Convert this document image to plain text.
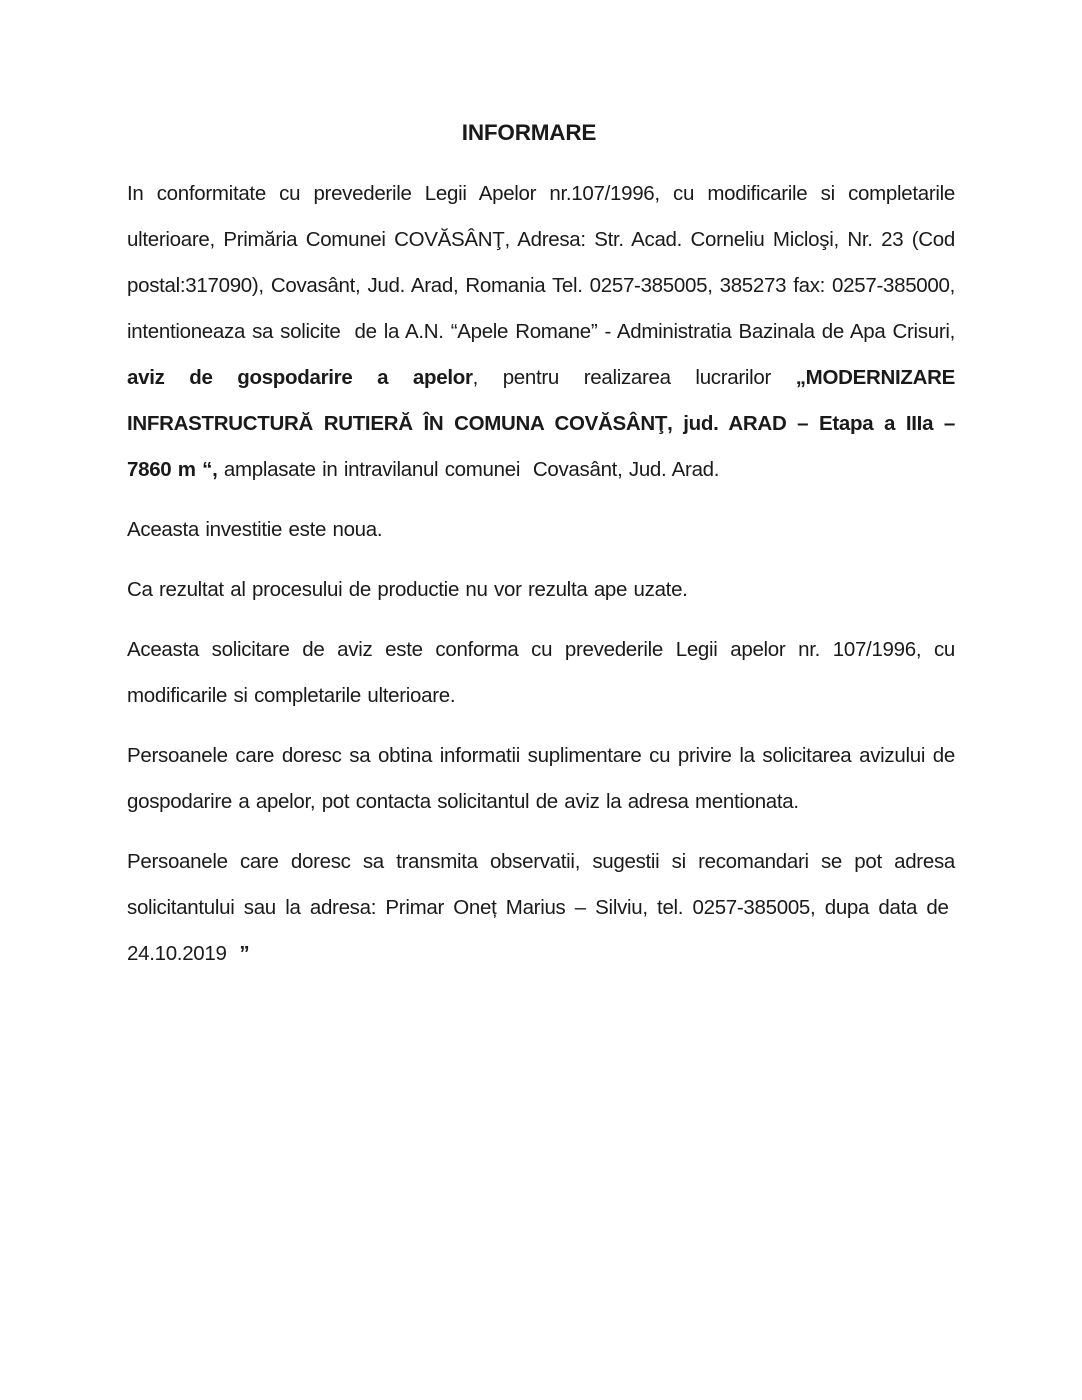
INFORMARE

In conformitate cu prevederile Legii Apelor nr.107/1996, cu modificarile si completarile ulterioare, Primăria Comunei COVĂSÂNŢ, Adresa: Str. Acad. Corneliu Micloşi, Nr. 23 (Cod postal:317090), Covasânt, Jud. Arad, Romania Tel. 0257-385005, 385273 fax: 0257-385000, intentioneaza sa solicite  de la A.N. “Apele Romane” - Administratia Bazinala de Apa Crisuri, aviz de gospodarire a apelor, pentru realizarea lucrarilor „MODERNIZARE INFRASTRUCTURĂ RUTIERĂ ÎN COMUNA COVĂSÂNŢ, jud. ARAD – Etapa a IIIa – 7860 m “, amplasate in intravilanul comunei  Covasânt, Jud. Arad.

Aceasta investitie este noua.

Ca rezultat al procesului de productie nu vor rezulta ape uzate.

Aceasta solicitare de aviz este conforma cu prevederile Legii apelor nr. 107/1996, cu modificarile si completarile ulterioare.

Persoanele care doresc sa obtina informatii suplimentare cu privire la solicitarea avizului de gospodarire a apelor, pot contacta solicitantul de aviz la adresa mentionata.

Persoanele care doresc sa transmita observatii, sugestii si recomandari se pot adresa solicitantului sau la adresa: Primar Oneț Marius – Silviu, tel. 0257-385005, dupa data de  24.10.2019  ”
